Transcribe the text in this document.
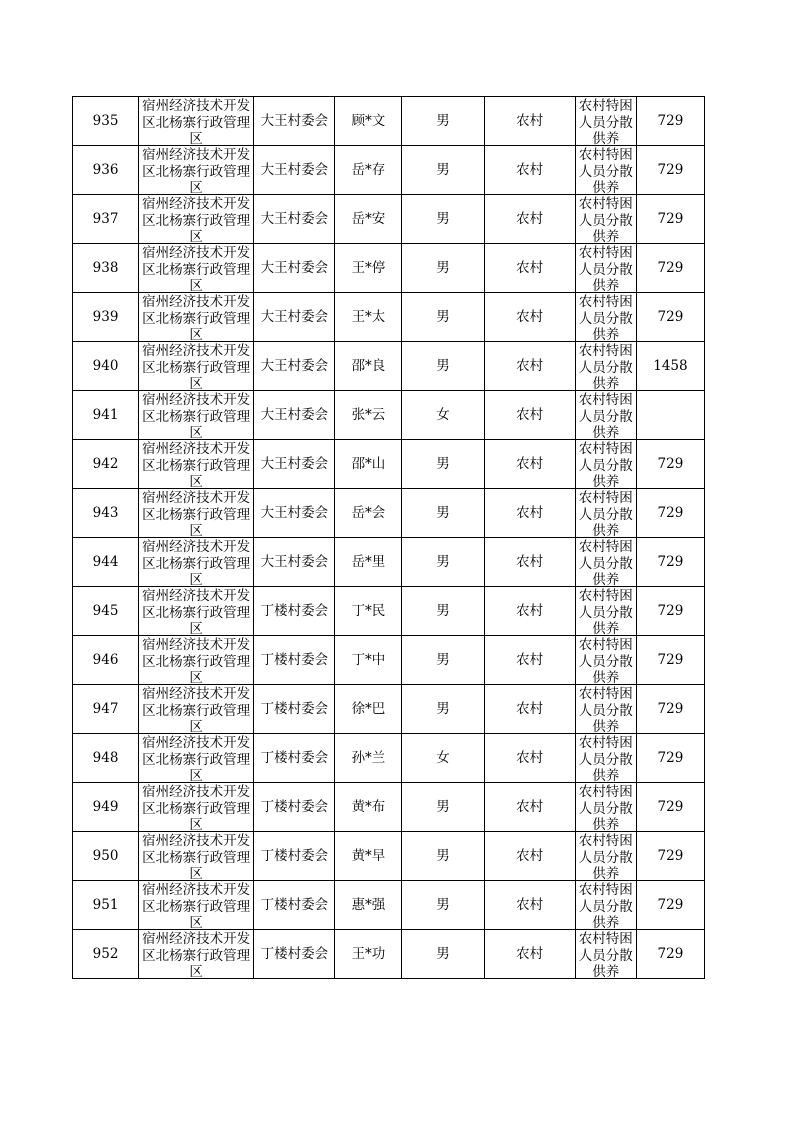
935	宿州经济技术开发区北杨寨行政管理区	大王村委会	顾*文	男	农村	农村特困人员分散供养	729
936	宿州经济技术开发区北杨寨行政管理区	大王村委会	岳*存	男	农村	农村特困人员分散供养	729
937	宿州经济技术开发区北杨寨行政管理区	大王村委会	岳*安	男	农村	农村特困人员分散供养	729
938	宿州经济技术开发区北杨寨行政管理区	大王村委会	王*停	男	农村	农村特困人员分散供养	729
939	宿州经济技术开发区北杨寨行政管理区	大王村委会	王*太	男	农村	农村特困人员分散供养	729
940	宿州经济技术开发区北杨寨行政管理区	大王村委会	邵*良	男	农村	农村特困人员分散供养	1458
941	宿州经济技术开发区北杨寨行政管理区	大王村委会	张*云	女	农村	农村特困人员分散供养	

942	宿州经济技术开发区北杨寨行政管理区	大王村委会	邵*山	男	农村	农村特困人员分散供养	729
943	宿州经济技术开发区北杨寨行政管理区	大王村委会	岳*会	男	农村	农村特困人员分散供养	729
944	宿州经济技术开发区北杨寨行政管理区	大王村委会	岳*里	男	农村	农村特困人员分散供养	729
945	宿州经济技术开发区北杨寨行政管理区	丁楼村委会	丁*民	男	农村	农村特困人员分散供养	729
946	宿州经济技术开发区北杨寨行政管理区	丁楼村委会	丁*中	男	农村	农村特困人员分散供养	729
947	宿州经济技术开发区北杨寨行政管理区	丁楼村委会	徐*巴	男	农村	农村特困人员分散供养	729
948	宿州经济技术开发区北杨寨行政管理区	丁楼村委会	孙*兰	女	农村	农村特困人员分散供养	729
949	宿州经济技术开发区北杨寨行政管理区	丁楼村委会	黄*布	男	农村	农村特困人员分散供养	729
950	宿州经济技术开发区北杨寨行政管理区	丁楼村委会	黄*早	男	农村	农村特困人员分散供养	729
951	宿州经济技术开发区北杨寨行政管理区	丁楼村委会	惠*强	男	农村	农村特困人员分散供养	729
952	宿州经济技术开发区北杨寨行政管理区	丁楼村委会	王*功	男	农村	农村特困人员分散供养	729
